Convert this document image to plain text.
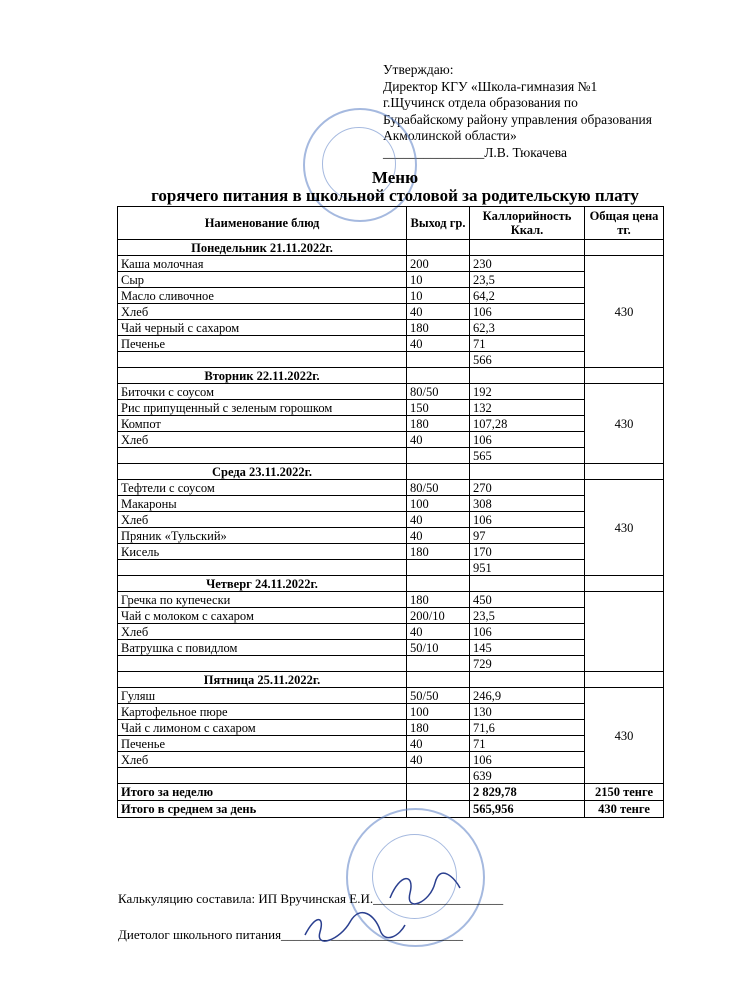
Утверждаю:
Директор КГУ «Школа-гимназия №1
г.Щучинск отдела образования по
Бурабайскому району управления образования
Акмолинской области»
_______________Л.В. Тюкачева
Меню
горячего питания в школьной столовой за родительскую плату
Наименование блюд	Выход гр.	Каллорийность Ккал.	Общая цена тг.
Понедельник 21.11.2022г.			
Каша молочная	200	230	430
Сыр	10	23,5	
Масло сливочное	10	64,2	
Хлеб	40	106	
Чай черный с сахаром	180	62,3	
Печенье	40	71	
		566	
Вторник 22.11.2022г.			
Биточки с соусом	80/50	192	430
Рис припущенный с зеленым горошком	150	132	
Компот	180	107,28	
Хлеб	40	106	
		565	
Среда 23.11.2022г.			
Тефтели с соусом	80/50	270	430
Макароны	100	308	
Хлеб	40	106	
Пряник «Тульский»	40	97	
Кисель	180	170	
		951	
Четверг 24.11.2022г.			
Гречка по купечески	180	450	
Чай с молоком с сахаром	200/10	23,5	
Хлеб	40	106	
Ватрушка с повидлом	50/10	145	
		729	
Пятница 25.11.2022г.			
Гуляш	50/50	246,9	430
Картофельное пюре	100	130	
Чай с лимоном с сахаром	180	71,6	
Печенье	40	71	
Хлеб	40	106	
		639	
Итого за неделю		2 829,78	2150 тенге
Итого в среднем за день		565,956	430 тенге
Калькуляцию составила: ИП Вручинская Е.И.____________________
Диетолог школьного питания____________________________
